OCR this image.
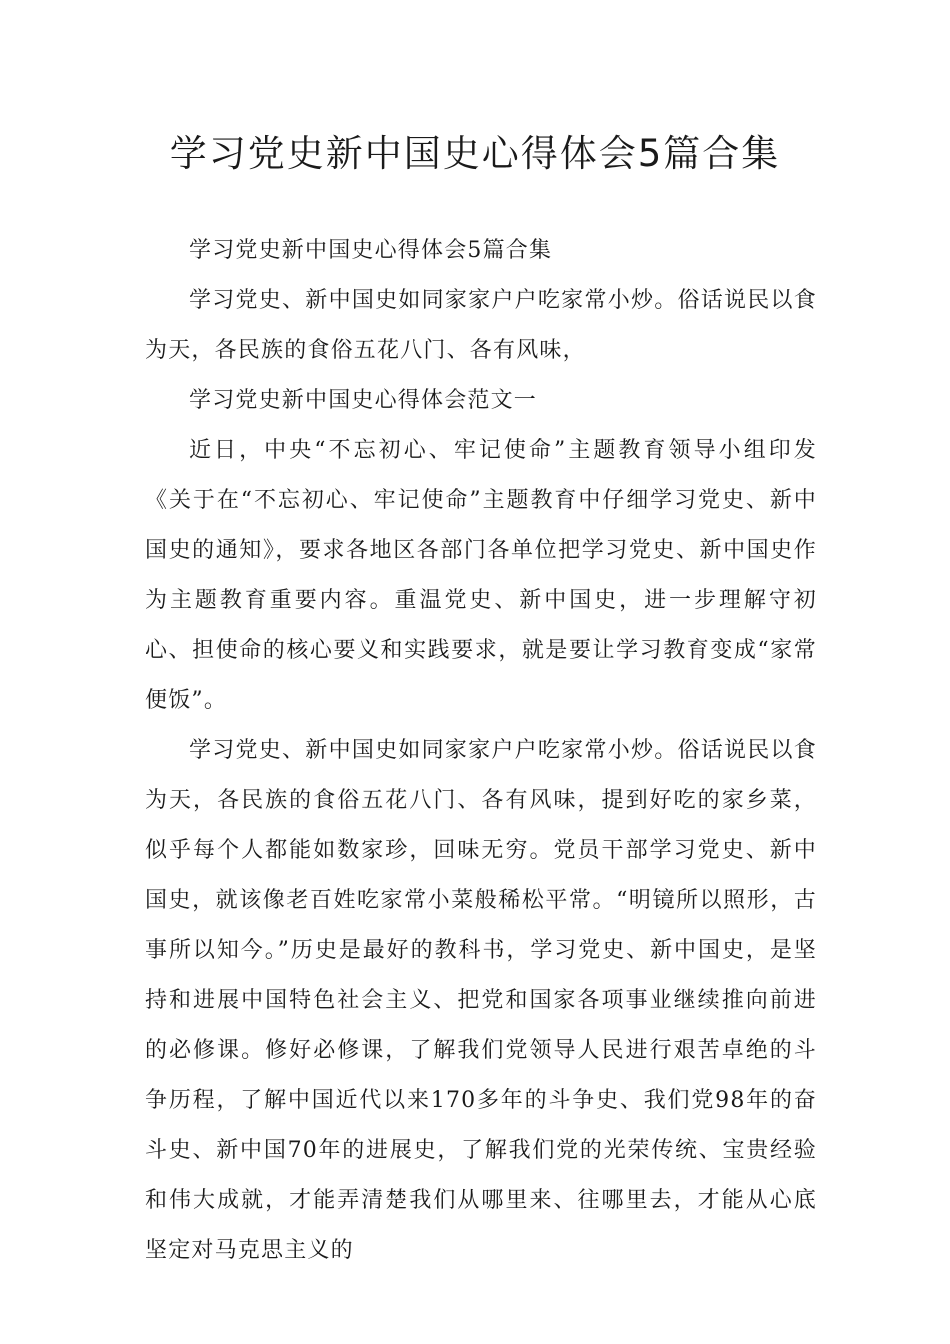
学习党史新中国史心得体会5篇合集

学习党史新中国史心得体会5篇合集

学习党史、新中国史如同家家户户吃家常小炒。俗话说民以食为天，各民族的食俗五花八门、各有风味，

学习党史新中国史心得体会范文一

近日，中央“不忘初心、牢记使命”主题教育领导小组印发《关于在“不忘初心、牢记使命”主题教育中仔细学习党史、新中国史的通知》，要求各地区各部门各单位把学习党史、新中国史作为主题教育重要内容。重温党史、新中国史，进一步理解守初心、担使命的核心要义和实践要求，就是要让学习教育变成“家常便饭”。

学习党史、新中国史如同家家户户吃家常小炒。俗话说民以食为天，各民族的食俗五花八门、各有风味，提到好吃的家乡菜，似乎每个人都能如数家珍，回味无穷。党员干部学习党史、新中国史，就该像老百姓吃家常小菜般稀松平常。“明镜所以照形，古事所以知今。”历史是最好的教科书，学习党史、新中国史，是坚持和进展中国特色社会主义、把党和国家各项事业继续推向前进的必修课。修好必修课，了解我们党领导人民进行艰苦卓绝的斗争历程，了解中国近代以来170多年的斗争史、我们党98年的奋斗史、新中国70年的进展史，了解我们党的光荣传统、宝贵经验和伟大成就，才能弄清楚我们从哪里来、往哪里去，才能从心底坚定对马克思主义的
